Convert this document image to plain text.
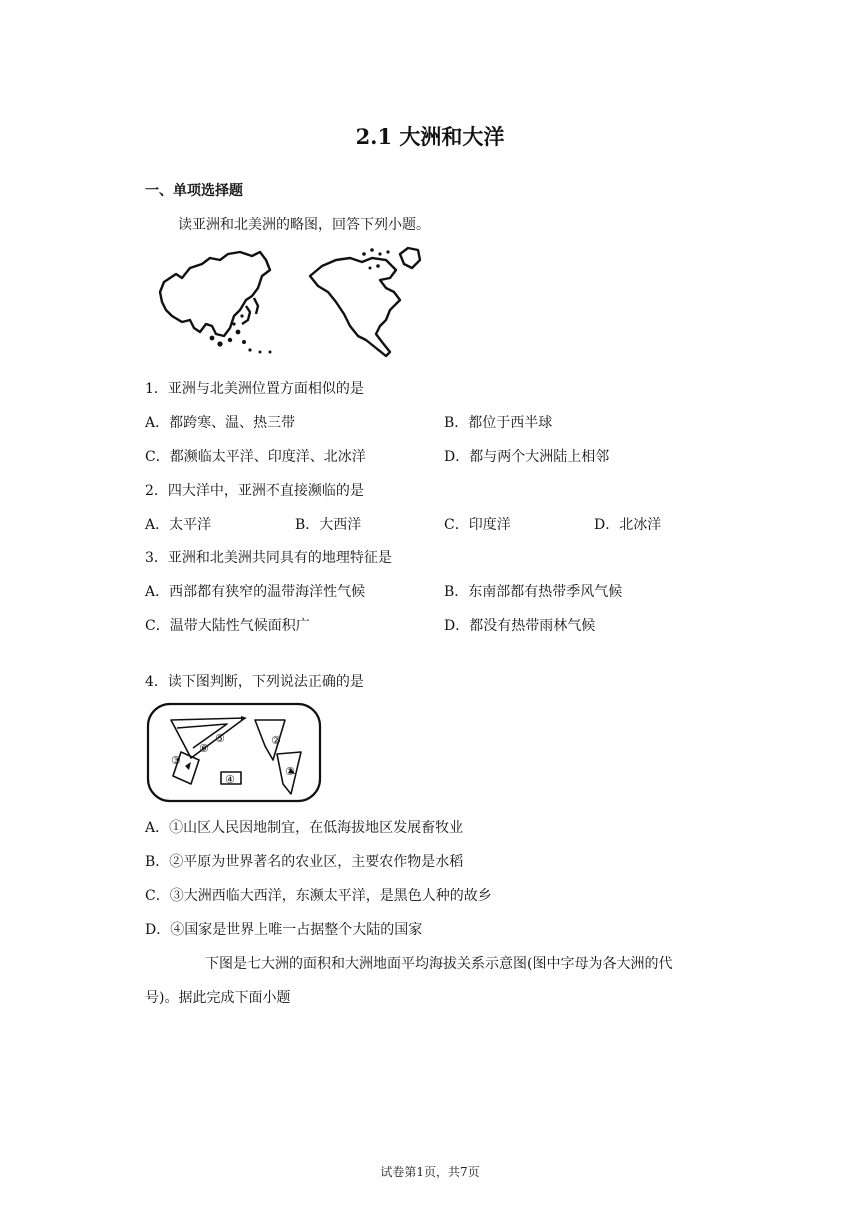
2.1 大洲和大洋
一、单项选择题
读亚洲和北美洲的略图，回答下列小题。
1．亚洲与北美洲位置方面相似的是
A．都跨寒、温、热三带	B．都位于西半球
C．都濒临太平洋、印度洋、北冰洋	D．都与两个大洲陆上相邻
2．四大洋中，亚洲不直接濒临的是
A．太平洋	B．大西洋	C．印度洋	D．北冰洋
3．亚洲和北美洲共同具有的地理特征是
A．西部都有狭窄的温带海洋性气候	B．东南部都有热带季风气候
C．温带大陆性气候面积广	D．都没有热带雨林气候
4．读下图判断，下列说法正确的是
①
②
③
④
⑤
⑥
A．①山区人民因地制宜，在低海拔地区发展畜牧业
B．②平原为世界著名的农业区，主要农作物是水稻
C．③大洲西临大西洋，东濒太平洋，是黑色人种的故乡
D．④国家是世界上唯一占据整个大陆的国家
下图是七大洲的面积和大洲地面平均海拔关系示意图(图中字母为各大洲的代
号)。据此完成下面小题
试卷第1页，共7页
